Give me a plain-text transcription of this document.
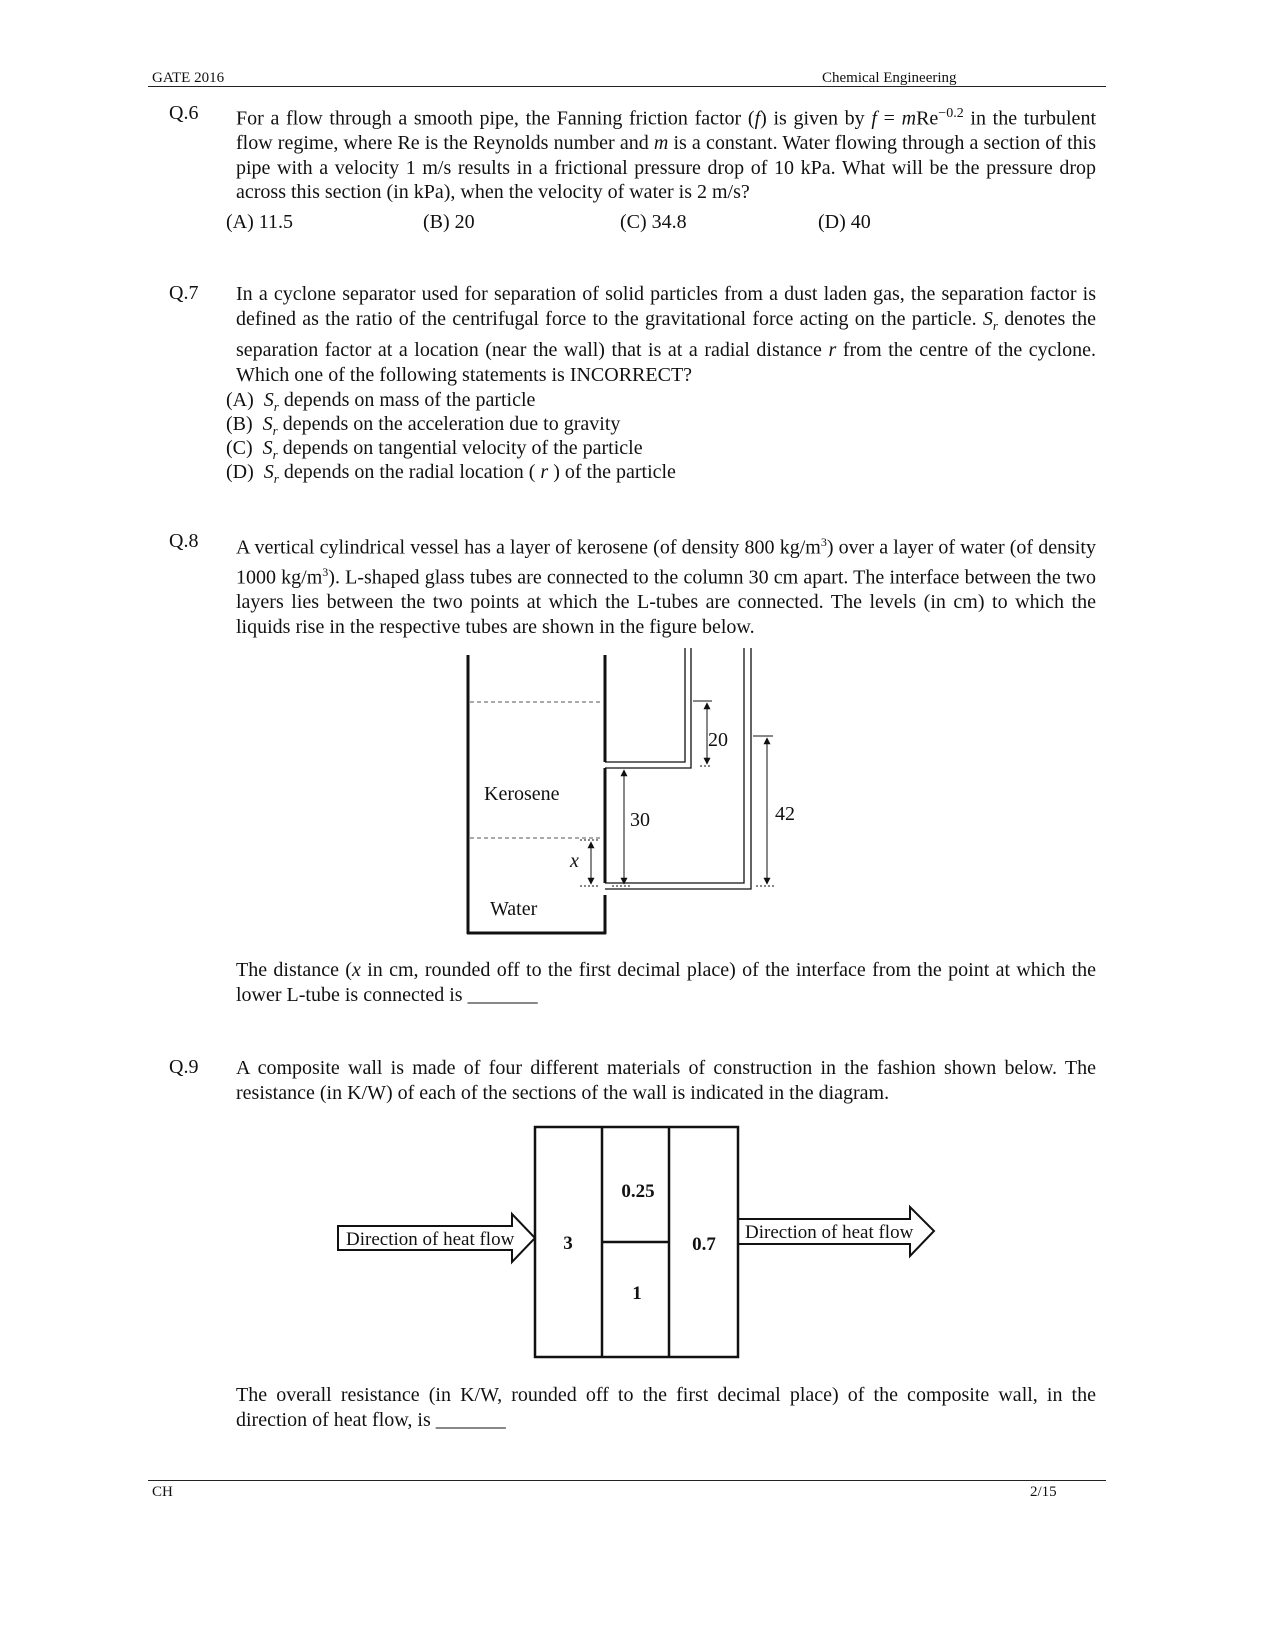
GATE 2016	Chemical Engineering
Q.6 For a flow through a smooth pipe, the Fanning friction factor (f) is given by f = mRe$^{-0.2}$ in the turbulent flow regime, where Re is the Reynolds number and m is a constant. Water flowing through a section of this pipe with a velocity 1 m/s results in a frictional pressure drop of 10 kPa. What will be the pressure drop across this section (in kPa), when the velocity of water is 2 m/s?
(A) 11.5	(B) 20	(C) 34.8	(D) 40
Q.7 In a cyclone separator used for separation of solid particles from a dust laden gas, the separation factor is defined as the ratio of the centrifugal force to the gravitational force acting on the particle. $S_r$ denotes the separation factor at a location (near the wall) that is at a radial distance r from the centre of the cyclone. Which one of the following statements is INCORRECT?
(A) $S_r$ depends on mass of the particle
(B) $S_r$ depends on the acceleration due to gravity
(C) $S_r$ depends on tangential velocity of the particle
(D) $S_r$ depends on the radial location ( r ) of the particle
Q.8 A vertical cylindrical vessel has a layer of kerosene (of density 800 $kg/m^3$) over a layer of water (of density 1000 $kg/m^3$). L-shaped glass tubes are connected to the column 30 cm apart. The interface between the two layers lies between the two points at which the L-tubes are connected. The levels (in cm) to which the liquids rise in the respective tubes are shown in the figure below.
20
42
30
x
Kerosene
Water
The distance (x in cm, rounded off to the first decimal place) of the interface from the point at which the lower L-tube is connected is _______
Q.9 A composite wall is made of four different materials of construction in the fashion shown below. The resistance (in K/W) of each of the sections of the wall is indicated in the diagram.
3
0.25
1
0.7
Direction of heat flow	Direction of heat flow
The overall resistance (in K/W, rounded off to the first decimal place) of the composite wall, in the direction of heat flow, is _______
CH	2/15
